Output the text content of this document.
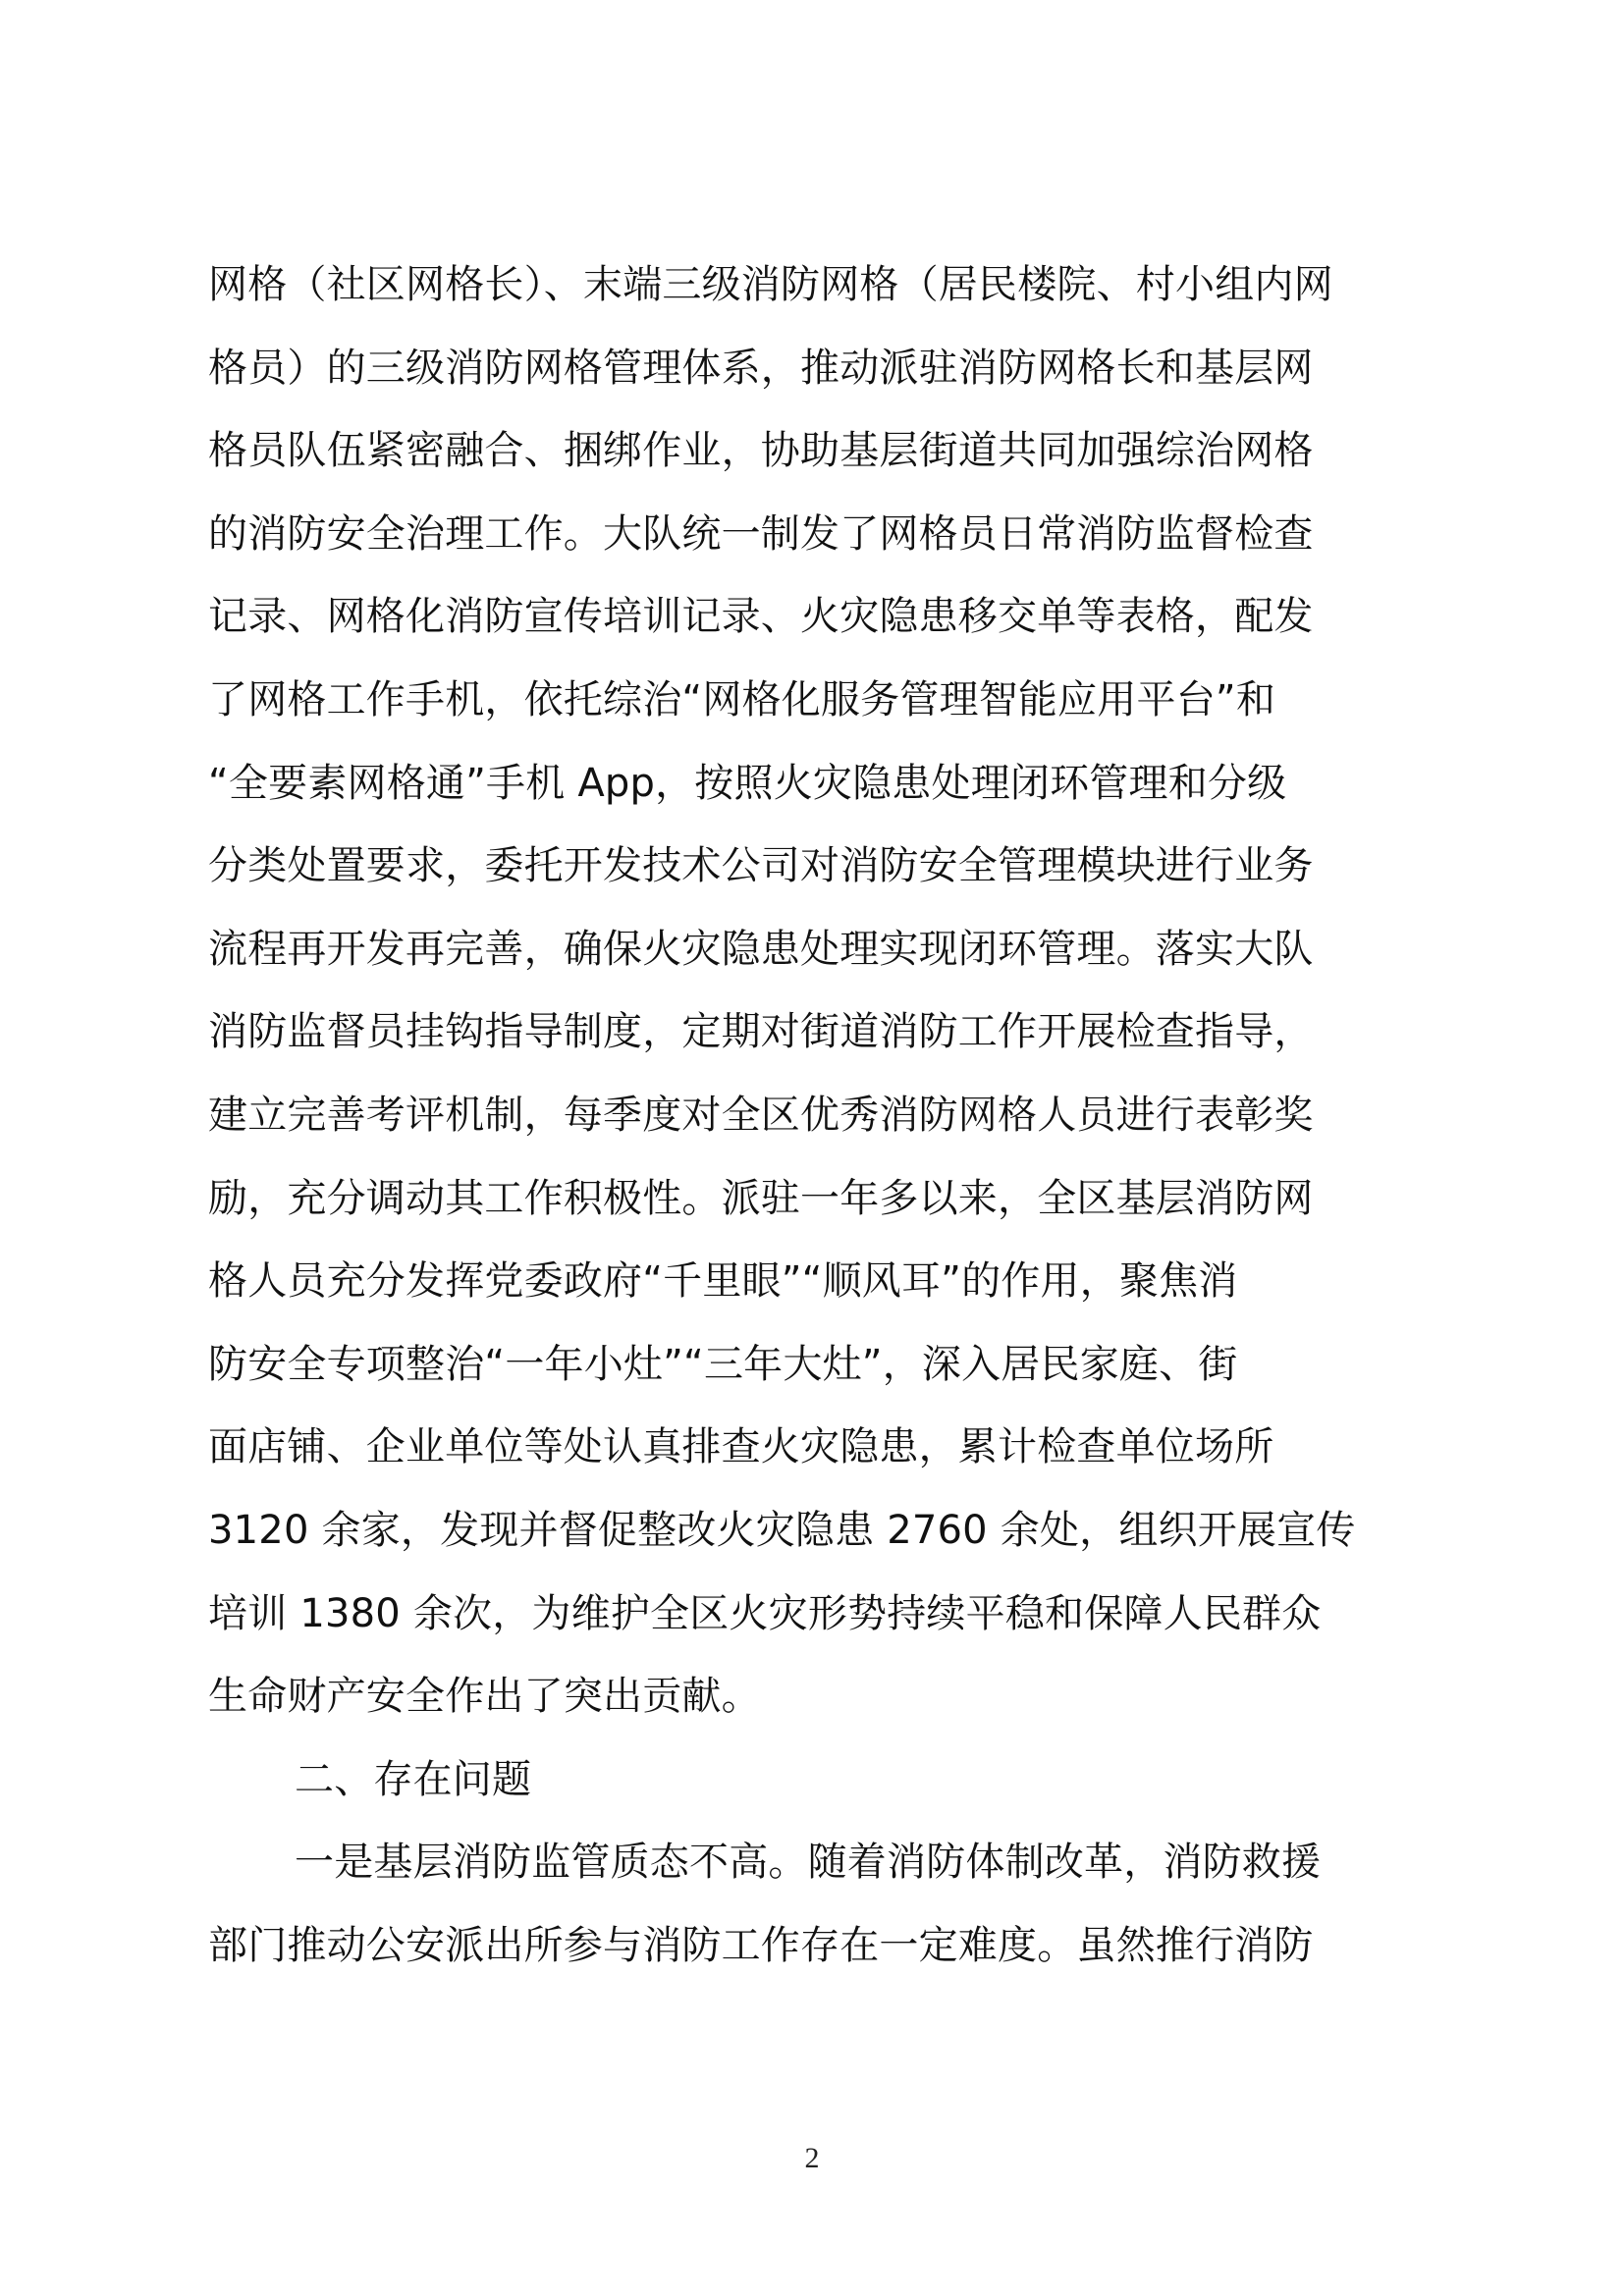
网格（社区网格长）、末端三级消防网格（居民楼院、村小组内网
格员）的三级消防网格管理体系，推动派驻消防网格长和基层网
格员队伍紧密融合、捆绑作业，协助基层街道共同加强综治网格
的消防安全治理工作。大队统一制发了网格员日常消防监督检查
记录、网格化消防宣传培训记录、火灾隐患移交单等表格，配发
了网格工作手机，依托综治“网格化服务管理智能应用平台”和
“全要素网格通”手机 App，按照火灾隐患处理闭环管理和分级
分类处置要求，委托开发技术公司对消防安全管理模块进行业务
流程再开发再完善，确保火灾隐患处理实现闭环管理。落实大队
消防监督员挂钩指导制度，定期对街道消防工作开展检查指导，
建立完善考评机制，每季度对全区优秀消防网格人员进行表彰奖
励，充分调动其工作积极性。派驻一年多以来，全区基层消防网
格人员充分发挥党委政府“千里眼”“顺风耳”的作用，聚焦消
防安全专项整治“一年小灶”“三年大灶”，深入居民家庭、街
面店铺、企业单位等处认真排查火灾隐患，累计检查单位场所
3120 余家，发现并督促整改火灾隐患 2760 余处，组织开展宣传
培训 1380 余次，为维护全区火灾形势持续平稳和保障人民群众
生命财产安全作出了突出贡献。
二、存在问题
一是基层消防监管质态不高。随着消防体制改革，消防救援
部门推动公安派出所参与消防工作存在一定难度。虽然推行消防
2
